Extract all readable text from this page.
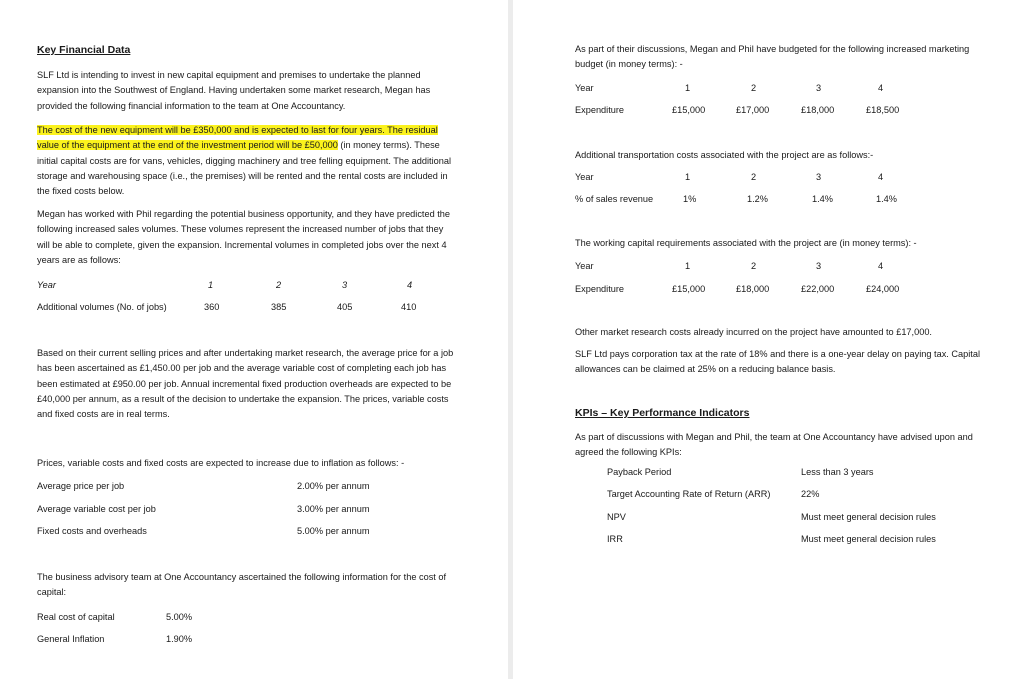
Key Financial Data
SLF Ltd is intending to invest in new capital equipment and premises to undertake the planned expansion into the Southwest of England. Having undertaken some market research, Megan has provided the following financial information to the team at One Accountancy.
The cost of the new equipment will be £350,000 and is expected to last for four years. The residual value of the equipment at the end of the investment period will be £50,000 (in money terms). These initial capital costs are for vans, vehicles, digging machinery and tree felling equipment. The additional storage and warehousing space (i.e., the premises) will be rented and the rental costs are included in the fixed costs below.
Megan has worked with Phil regarding the potential business opportunity, and they have predicted the following increased sales volumes. These volumes represent the increased number of jobs that they will be able to complete, given the expansion. Incremental volumes in completed jobs over the next 4 years are as follows:
Year	1	2	3	4
Additional volumes (No. of jobs)	360	385	405	410
Based on their current selling prices and after undertaking market research, the average price for a job has been ascertained as £1,450.00 per job and the average variable cost of completing each job has been estimated at £950.00 per job. Annual incremental fixed production overheads are expected to be £40,000 per annum, as a result of the decision to undertake the expansion. The prices, variable costs and fixed costs are in real terms.
Prices, variable costs and fixed costs are expected to increase due to inflation as follows: -
Average price per job	2.00% per annum
Average variable cost per job	3.00% per annum
Fixed costs and overheads	5.00% per annum
The business advisory team at One Accountancy ascertained the following information for the cost of capital:
Real cost of capital	5.00%
General Inflation	1.90%
As part of their discussions, Megan and Phil have budgeted for the following increased marketing budget (in money terms): -
Year	1	2	3	4
Expenditure	£15,000	£17,000	£18,000	£18,500
Additional transportation costs associated with the project are as follows:-
Year	1	2	3	4
% of sales revenue	1%	1.2%	1.4%	1.4%
The working capital requirements associated with the project are (in money terms): -
Year	1	2	3	4
Expenditure	£15,000	£18,000	£22,000	£24,000
Other market research costs already incurred on the project have amounted to £17,000.
SLF Ltd pays corporation tax at the rate of 18% and there is a one-year delay on paying tax. Capital allowances can be claimed at 25% on a reducing balance basis.
KPIs – Key Performance Indicators
As part of discussions with Megan and Phil, the team at One Accountancy have advised upon and agreed the following KPIs:
Payback Period	Less than 3 years
Target Accounting Rate of Return (ARR)	22%
NPV	Must meet general decision rules
IRR	Must meet general decision rules
